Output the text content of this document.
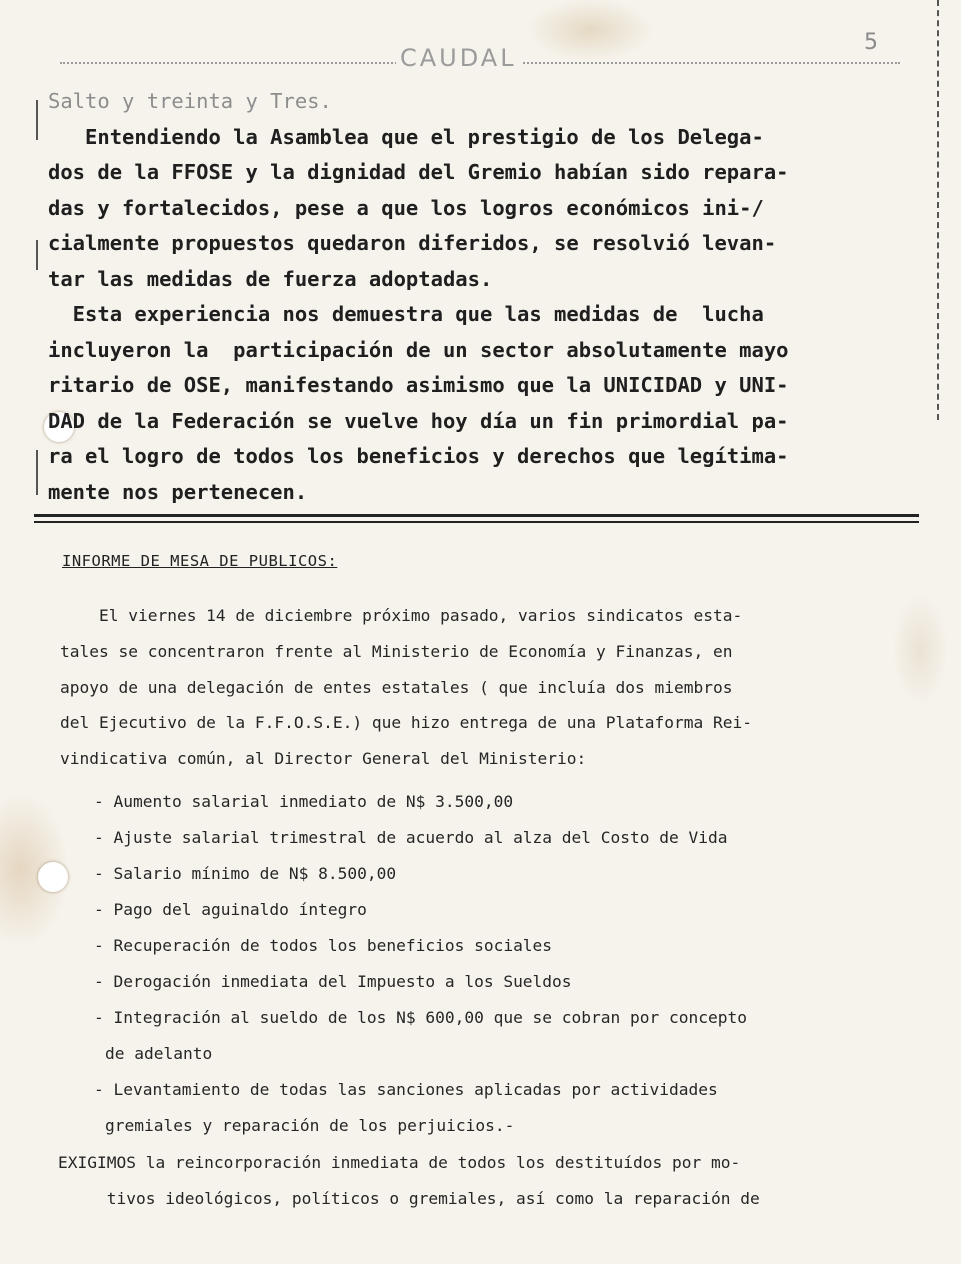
CAUDAL
5

Salto y treinta y Tres.

Entendiendo la Asamblea que el prestigio de los Delega-

dos de la FFOSE y la dignidad del Gremio habían sido repara-

das y fortalecidos, pese a que los logros económicos ini-/

cialmente propuestos quedaron diferidos, se resolvió levan-

tar las medidas de fuerza adoptadas.

Esta experiencia nos demuestra que las medidas de  lucha

incluyeron la  participación de un sector absolutamente mayo

ritario de OSE, manifestando asimismo que la UNICIDAD y UNI-

DAD de la Federación se vuelve hoy día un fin primordial pa-

ra el logro de todos los beneficios y derechos que legítima-

mente nos pertenecen.

INFORME DE MESA DE PUBLICOS:

El viernes 14 de diciembre próximo pasado, varios sindicatos esta-

tales se concentraron frente al Ministerio de Economía y Finanzas, en

apoyo de una delegación de entes estatales ( que incluía dos miembros

del Ejecutivo de la F.F.O.S.E.) que hizo entrega de una Plataforma Rei-

vindicativa común, al Director General del Ministerio:

- Aumento salarial inmediato de N$ 3.500,00
- Ajuste salarial trimestral de acuerdo al alza del Costo de Vida
- Salario mínimo de N$ 8.500,00
- Pago del aguinaldo íntegro
- Recuperación de todos los beneficios sociales
- Derogación inmediata del Impuesto a los Sueldos
- Integración al sueldo de los N$ 600,00 que se cobran por concepto
de adelanto
- Levantamiento de todas las sanciones aplicadas por actividades
gremiales y reparación de los perjuicios.-

EXIGIMOS la reincorporación inmediata de todos los destituídos por mo-

tivos ideológicos, políticos o gremiales, así como la reparación de
